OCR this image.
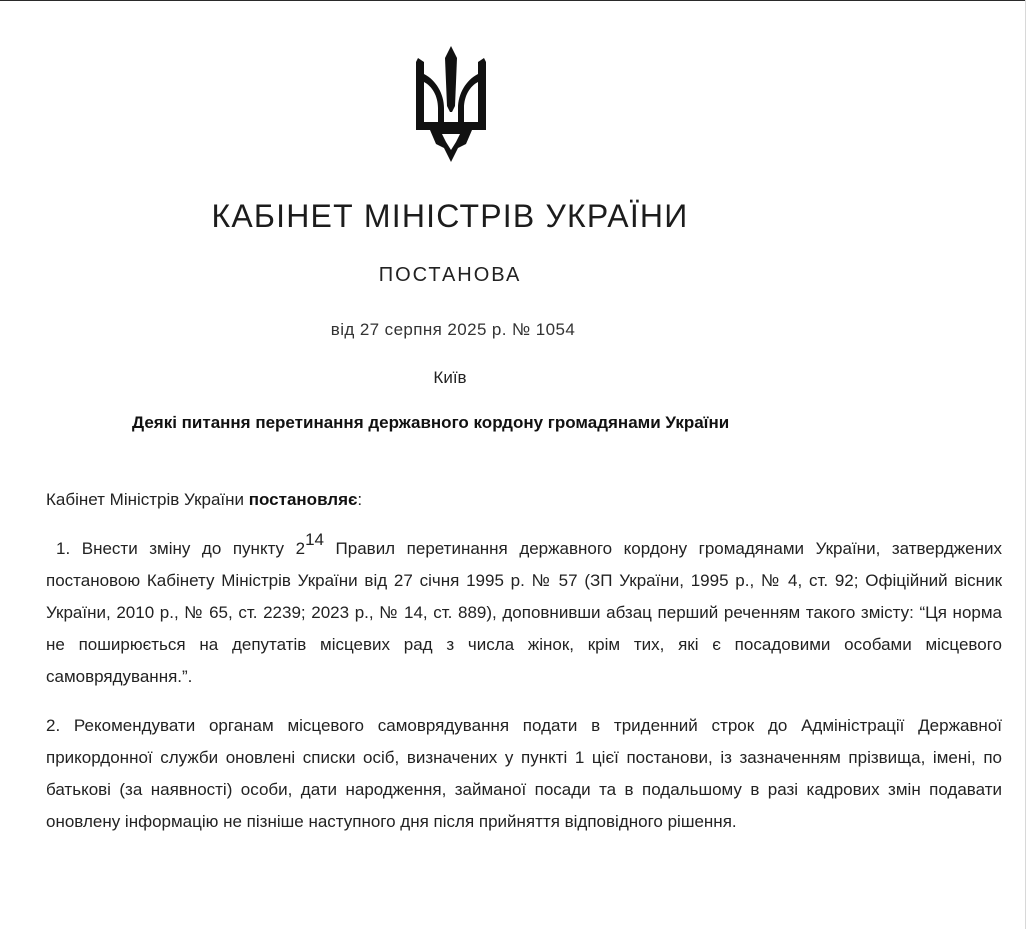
КАБІНЕТ МІНІСТРІВ УКРАЇНИ
ПОСТАНОВА
від 27 серпня 2025 р. № 1054
Київ
Деякі питання перетинання державного кордону громадянами України
Кабінет Міністрів України постановляє:
1. Внести зміну до пункту $2^{14}$ Правил перетинання державного кордону громадянами України, затверджених постановою Кабінету Міністрів України від 27 січня 1995 р. № 57 (ЗП України, 1995 р., № 4, ст. 92; Офіційний вісник України, 2010 р., № 65, ст. 2239; 2023 р., № 14, ст. 889), доповнивши абзац перший реченням такого змісту: “Ця норма не поширюється на депутатів місцевих рад з числа жінок, крім тих, які є посадовими особами місцевого самоврядування.”.
2. Рекомендувати органам місцевого самоврядування подати в триденний строк до Адміністрації Державної прикордонної служби оновлені списки осіб, визначених у пункті 1 цієї постанови, із зазначенням прізвища, імені, по батькові (за наявності) особи, дати народження, займаної посади та в подальшому в разі кадрових змін подавати оновлену інформацію не пізніше наступного дня після прийняття відповідного рішення.
